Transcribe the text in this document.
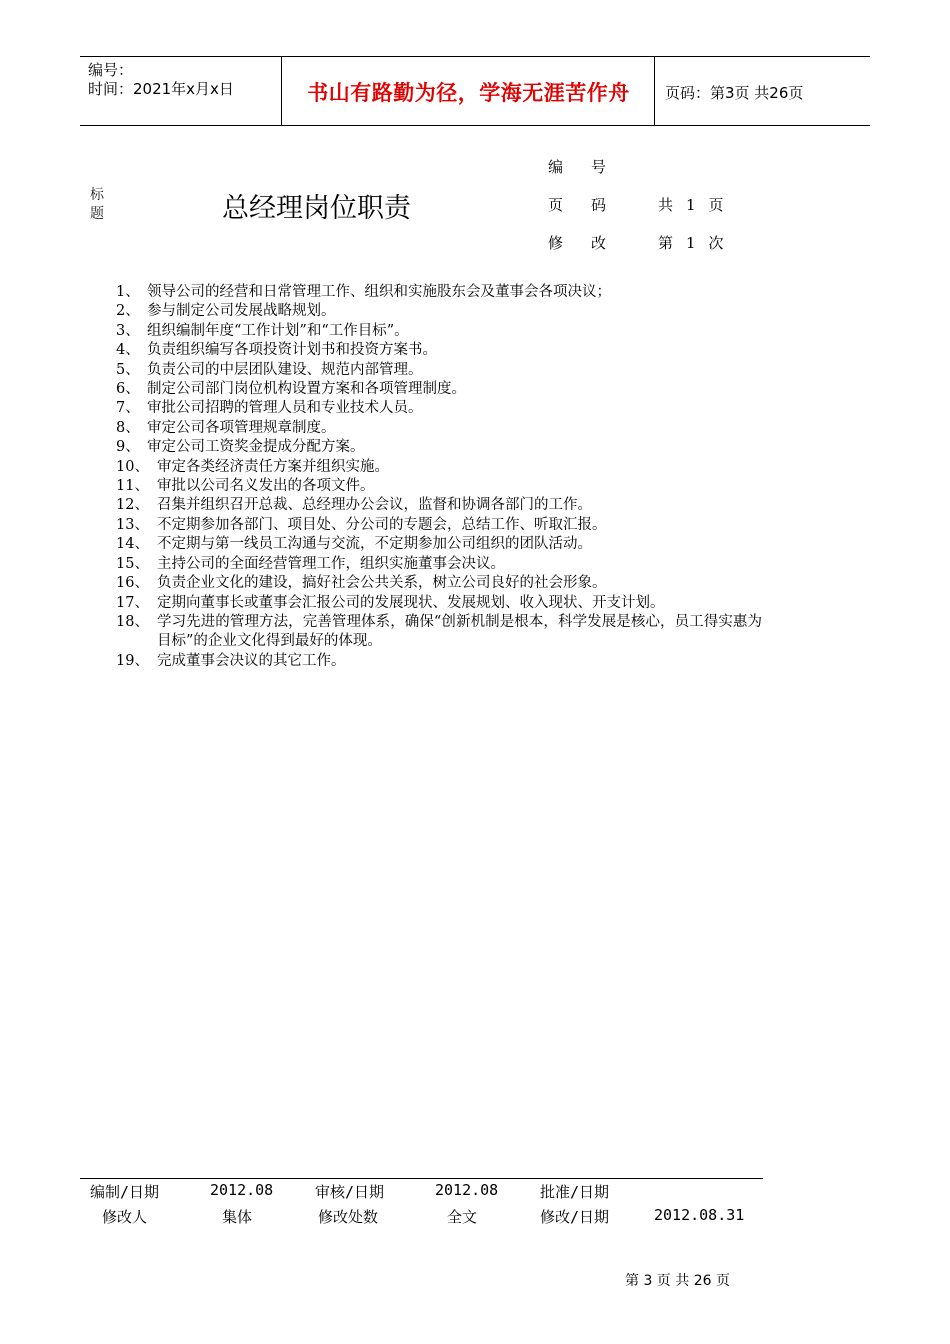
编号：
时间：2021年x月x日	书山有路勤为径，学海无涯苦作舟	页码：第3页 共26页
标
题	总经理岗位职责
编号
页码 共1页
修改 第1次
1、 领导公司的经营和日常管理工作、组织和实施股东会及董事会各项决议；
2、 参与制定公司发展战略规划。
3、 组织编制年度“工作计划”和“工作目标”。
4、 负责组织编写各项投资计划书和投资方案书。
5、 负责公司的中层团队建设、规范内部管理。
6、 制定公司部门岗位机构设置方案和各项管理制度。
7、 审批公司招聘的管理人员和专业技术人员。
8、 审定公司各项管理规章制度。
9、 审定公司工资奖金提成分配方案。
10、 审定各类经济责任方案并组织实施。
11、 审批以公司名义发出的各项文件。
12、 召集并组织召开总裁、总经理办公会议，监督和协调各部门的工作。
13、 不定期参加各部门、项目处、分公司的专题会，总结工作、听取汇报。
14、 不定期与第一线员工沟通与交流，不定期参加公司组织的团队活动。
15、 主持公司的全面经营管理工作，组织实施董事会决议。
16、 负责企业文化的建设，搞好社会公共关系，树立公司良好的社会形象。
17、 定期向董事长或董事会汇报公司的发展现状、发展规划、收入现状、开支计划。
18、 学习先进的管理方法，完善管理体系，确保“创新机制是根本，科学发展是核心，员工得实惠为目标”的企业文化得到最好的体现。
19、 完成董事会决议的其它工作。
编制/日期	2012.08	审核/日期	2012.08	批准/日期
修改人	集体	修改处数	全文	修改/日期	2012.08.31
第 3 页 共 26 页
